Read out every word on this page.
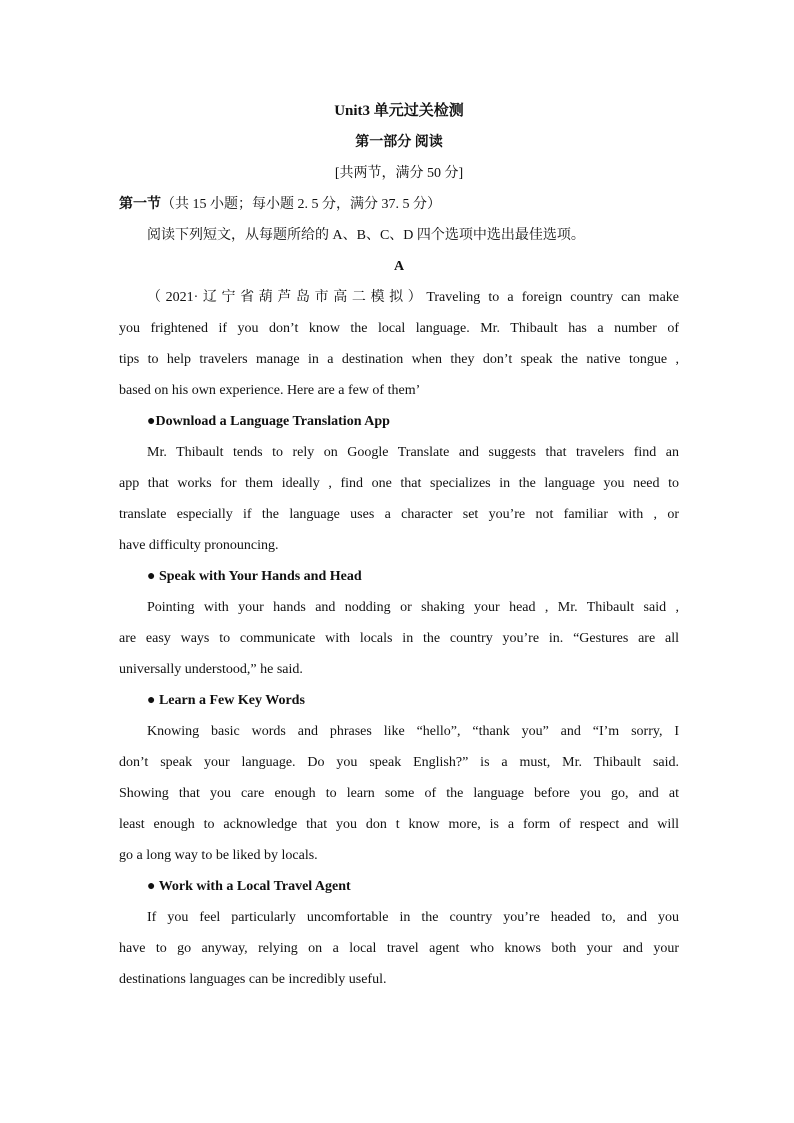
Unit3 单元过关检测
第一部分 阅读
[共两节，满分 50 分]
第一节（共 15 小题；每小题 2. 5 分，满分 37. 5 分）
阅读下列短文，从每题所给的 A、B、C、D 四个选项中选出最佳选项。
A
（2021·辽宁省葫芦岛市高二模拟）Traveling to a foreign country can make
you frightened if you don’t know the local language. Mr. Thibault has a number of
tips to help travelers manage in a destination when they don’t speak the native tongue ,
based on his own experience. Here are a few of them’
●Download a Language Translation App
Mr. Thibault tends to rely on Google Translate and suggests that travelers find an
app that works for them ideally , find one that specializes in the language you need to
translate especially if the language uses a character set you’re not familiar with , or
have difficulty pronouncing.
● Speak with Your Hands and Head
Pointing with your hands and nodding or shaking your head , Mr. Thibault said ,
are easy ways to communicate with locals in the country you’re in. “Gestures are all
universally understood,” he said.
● Learn a Few Key Words
Knowing basic words and phrases like “hello”, “thank you” and “I’m sorry, I
don’t speak your language. Do you speak English?” is a must, Mr. Thibault said.
Showing that you care enough to learn some of the language before you go, and at
least enough to acknowledge that you don t know more, is a form of respect and will
go a long way to be liked by locals.
● Work with a Local Travel Agent
If you feel particularly uncomfortable in the country you’re headed to, and you
have to go anyway, relying on a local travel agent who knows both your and your
destinations languages can be incredibly useful.
